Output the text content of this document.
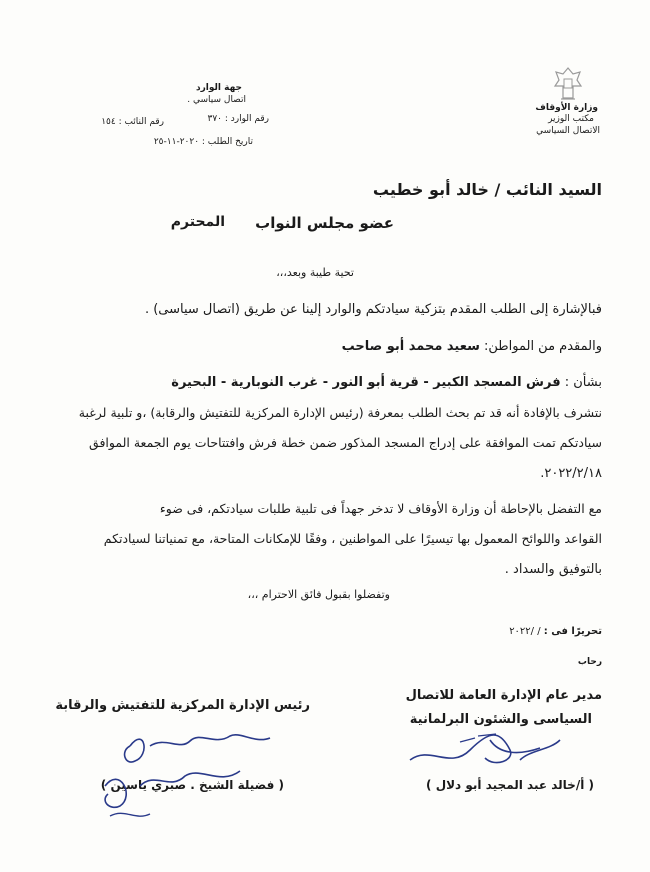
وزارة الأوقاف
مكتب الوزير
الاتصال السياسي
جهة الوارد
اتصال سياسي .
رقم الوارد : ٣٧٠
رقم النائب : ١٥٤
تاريخ الطلب : ٢٠٢٠-١١-٢٥
السيد النائب / خالد أبو خطيب
عضو مجلس النواب
المحترم
تحية طيبة وبعد،،،
فبالإشارة إلى الطلب المقدم بتزكية سيادتكم والوارد إلينا عن طريق (اتصال سياسى) .
والمقدم من المواطن: سعيد محمد أبو صاحب
بشأن : فرش المسجد الكبير - قرية أبو النور - غرب النوبارية - البحيرة
نتشرف بالإفادة أنه قد تم بحث الطلب بمعرفة (رئيس الإدارة المركزية للتفتيش والرقابة) ،و تلبية لرغبة
سيادتكم تمت الموافقة على إدراج المسجد المذكور ضمن خطة فرش وافتتاحات يوم الجمعة الموافق
٢٠٢٢/٢/١٨.
مع التفضل بالإحاطة أن وزارة الأوقاف لا تدخر جهداً فى تلبية طلبات سيادتكم، فى ضوء
القواعد واللوائح المعمول بها تيسيرًا على المواطنين ، وفقًا للإمكانات المتاحة، مع تمنياتنا لسيادتكم
بالتوفيق والسداد .
وتفضلوا بقبول فائق الاحترام ،،،
تحريرًا فى : / /٢٠٢٢
رحاب
مدير عام الإدارة العامة للاتصال
السياسى والشئون البرلمانية
( أ/خالد عبد المجيد أبو دلال )
رئيس الإدارة المركزية للتفتيش والرقابة
( فضيلة الشيخ . صبري ياسين )
